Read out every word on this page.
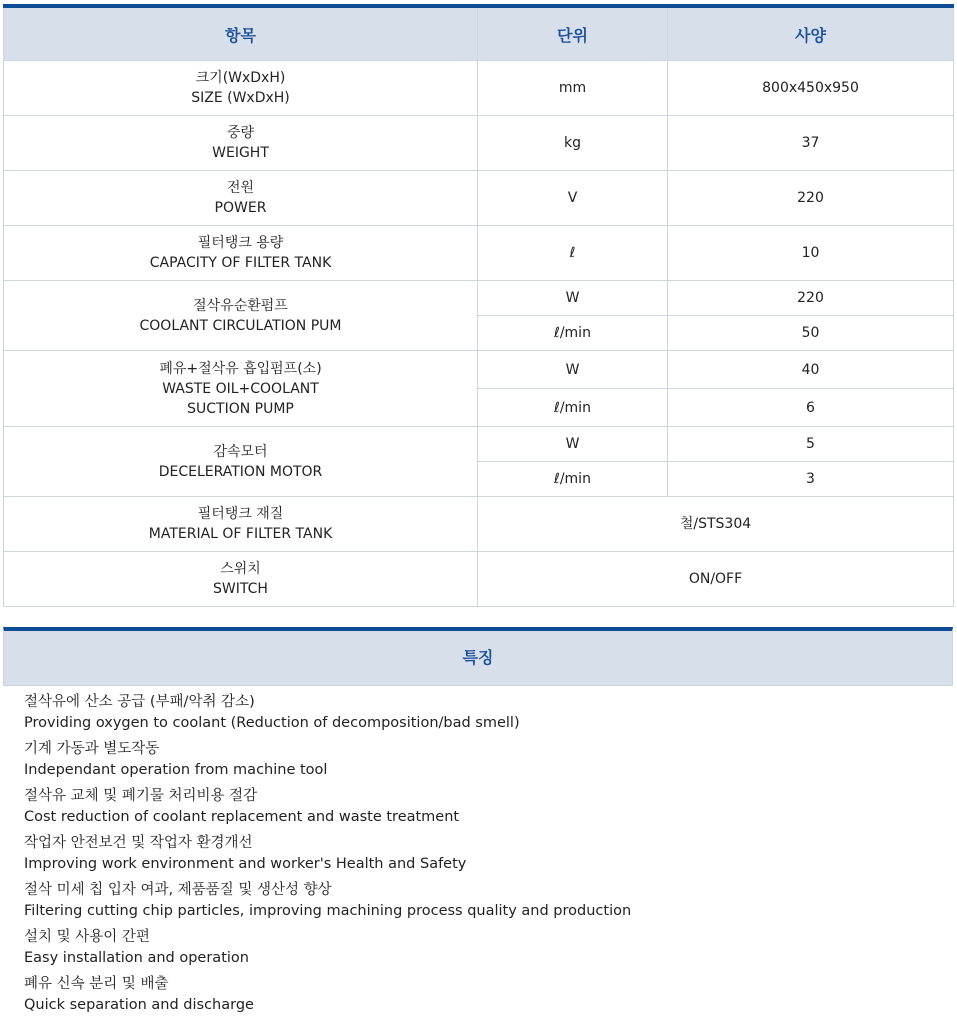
항목	단위	사양

크기(WxDxH)
SIZE (WxDxH)	mm	800x450x950

중량
WEIGHT	kg	37

전원
POWER	V	220

필터탱크 용량
CAPACITY OF FILTER TANK	ℓ	10

절삭유순환펌프
COOLANT CIRCULATION PUM	W	220
	ℓ/min	50

폐유+절삭유 흡입펌프(소)
WASTE OIL+COOLANT
SUCTION PUMP	W	40
	ℓ/min	6

감속모터
DECELERATION MOTOR	W	5
	ℓ/min	3

필터탱크 재질
MATERIAL OF FILTER TANK	철/STS304	

스위치
SWITCH	ON/OFF	
특징
절삭유에 산소 공급 (부패/악취 감소)
Providing oxygen to coolant (Reduction of decomposition/bad smell)
기계 가동과 별도작동
Independant operation from machine tool
절삭유 교체 및 폐기물 처리비용 절감
Cost reduction of coolant replacement and waste treatment
작업자 안전보건 및 작업자 환경개선
Improving work environment and worker's Health and Safety
절삭 미세 칩 입자 여과, 제품품질 및 생산성 향상
Filtering cutting chip particles, improving machining process quality and production
설치 및 사용이 간편
Easy installation and operation
폐유 신속 분리 및 배출
Quick separation and discharge
